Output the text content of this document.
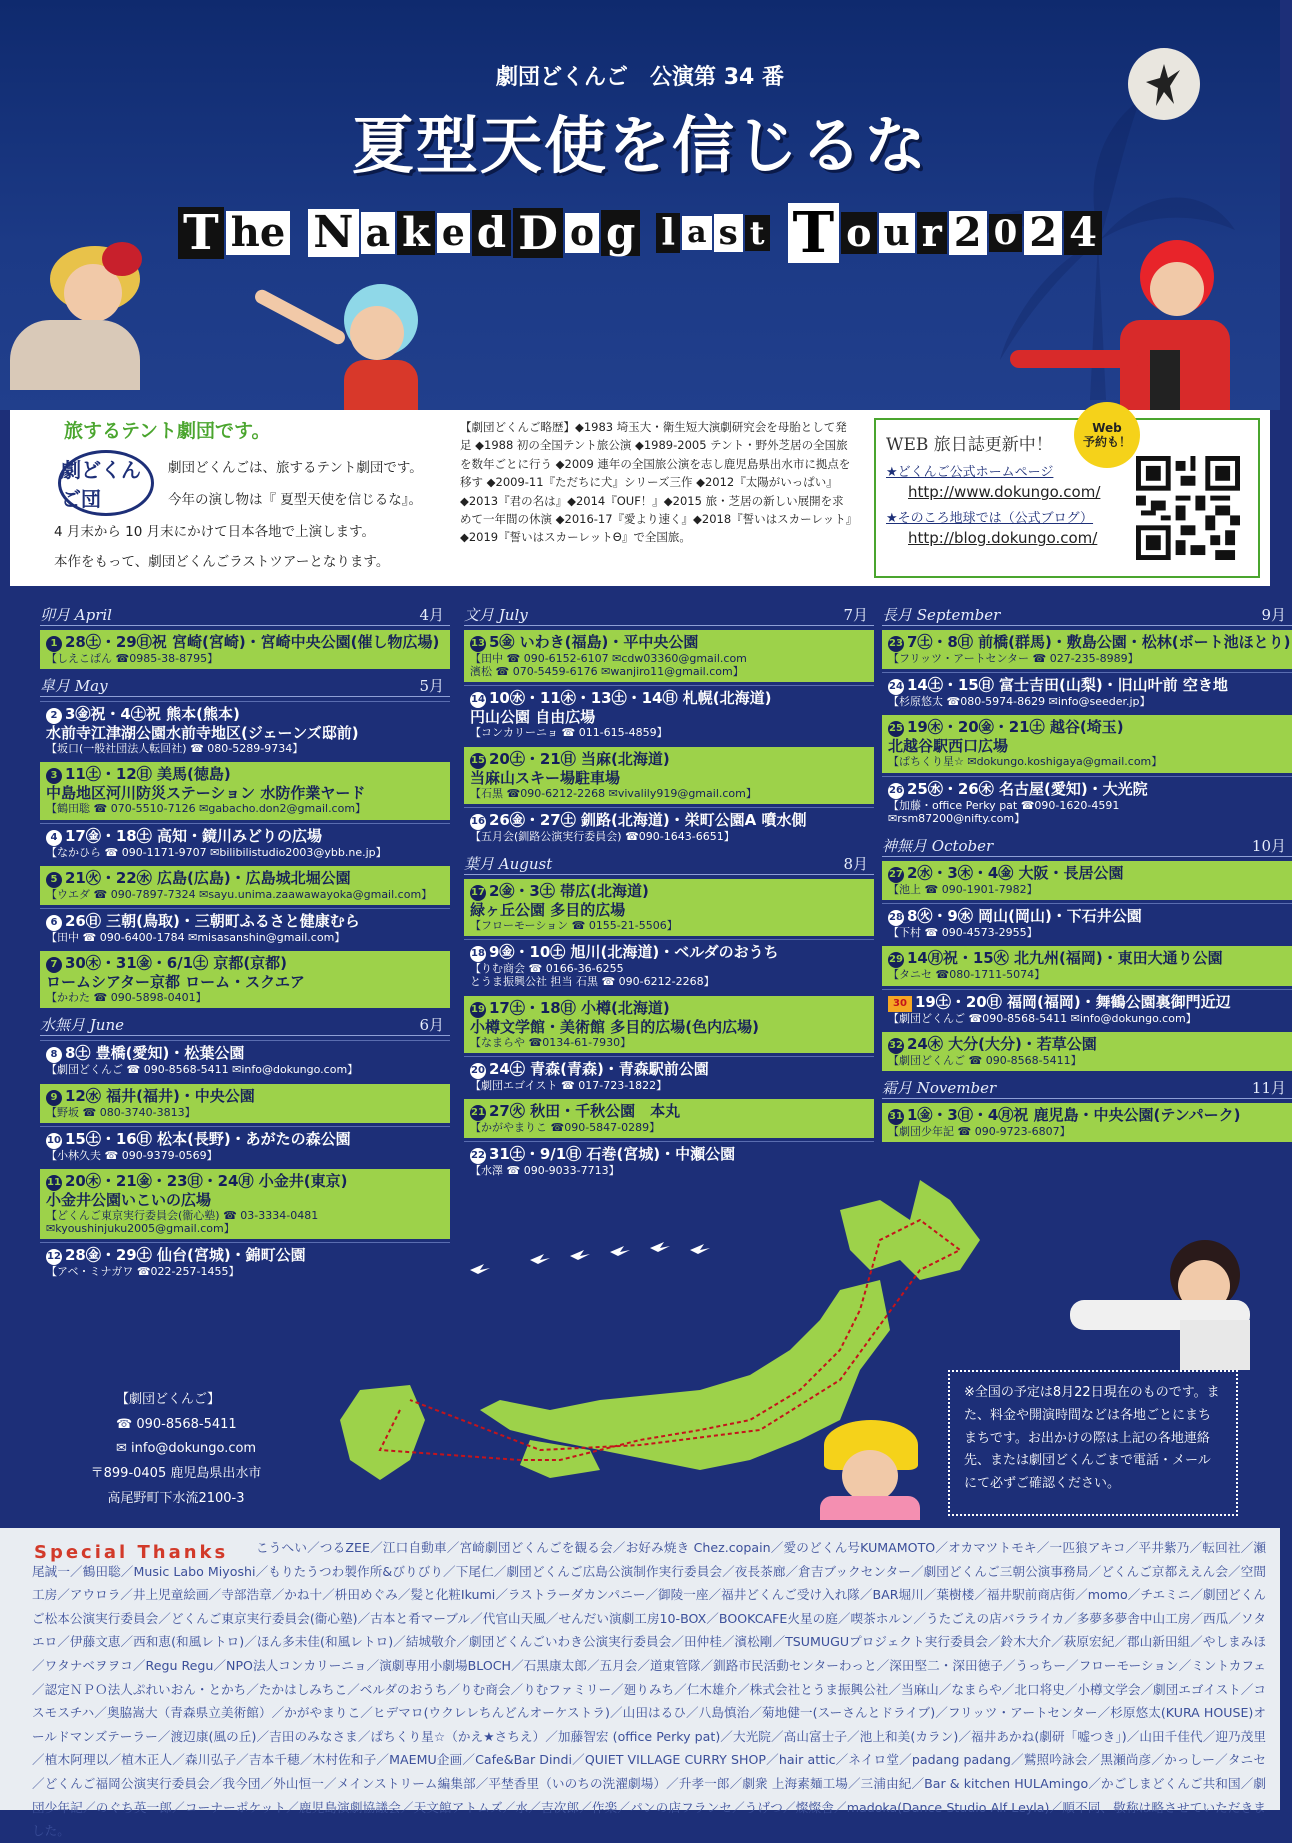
劇団どくんご　公演第 34 番
夏型天使を信じるな
T he N a k e d D o g l a s t T o u r 2 0 2 4
旅するテント劇団です。
劇どくんご団
劇団どくんごは、旅するテント劇団です。
今年の演し物は『 夏型天使を信じるな』。
4 月末から 10 月末にかけて日本各地で上演します。
本作をもって、劇団どくんごラストツアーとなります。
【劇団どくんご略歴】◆1983 埼玉大・衛生短大演劇研究会を母胎として発足 ◆1988 初の全国テント旅公演 ◆1989-2005 テント・野外芝居の全国旅を数年ごとに行う ◆2009 連年の全国旅公演を志し鹿児島県出水市に拠点を移す ◆2009-11『ただちに犬』シリーズ三作 ◆2012『太陽がいっぱい』◆2013『君の名は』◆2014『OUF！』◆2015 旅・芝居の新しい展開を求めて一年間の休演 ◆2016-17『愛より速く』◆2018『誓いはスカーレット』◆2019『誓いはスカーレットΘ』で全国旅。
WEB 旅日誌更新中！
★どくんご公式ホームページ
http://www.dokungo.com/
★そのころ地球では（公式ブログ）
http://blog.dokungo.com/
Web
予約も！
卯月 April	4月
1 28㊏・29㊐祝 宮崎(宮崎)・宮崎中央公園(催し物広場)
【しえこぱん ☎0985-38-8795】
皐月 May	5月
2 3㊎祝・4㊏祝 熊本(熊本)
水前寺江津湖公園水前寺地区(ジェーンズ邸前)
【坂口(一般社団法人転回社) ☎ 080-5289-9734】
3 11㊏・12㊐ 美馬(徳島)
中島地区河川防災ステーション 水防作業ヤード
【鶴田聡 ☎ 070-5510-7126 ✉gabacho.don2@gmail.com】
4 17㊎・18㊏ 高知・鏡川みどりの広場
【なかひら ☎ 090-1171-9707 ✉bilibilistudio2003@ybb.ne.jp】
5 21㊋・22㊌ 広島(広島)・広島城北堀公園
【ウエダ ☎ 090-7897-7324 ✉sayu.unima.zaawawayoka@gmail.com】
6 26㊐ 三朝(鳥取)・三朝町ふるさと健康むら
【田中 ☎ 090-6400-1784 ✉misasanshin@gmail.com】
7 30㊍・31㊎・6/1㊏ 京都(京都)
ロームシアター京都 ローム・スクエア
【かわた ☎ 090-5898-0401】
水無月 June	6月
8 8㊏ 豊橋(愛知)・松葉公園
【劇団どくんご ☎ 090-8568-5411 ✉info@dokungo.com】
9 12㊌ 福井(福井)・中央公園
【野坂 ☎ 080-3740-3813】
10 15㊏・16㊐ 松本(長野)・あがたの森公園
【小林久夫 ☎ 090-9379-0569】
11 20㊍・21㊎・23㊐・24㊊ 小金井(東京)
小金井公園いこいの広場
【どくんご東京実行委員会(衞心塾) ☎ 03-3334-0481
✉kyoushinjuku2005@gmail.com】
12 28㊎・29㊏ 仙台(宮城)・錦町公園
【アベ・ミナガワ ☎022-257-1455】
文月 July	7月
13 5㊎ いわき(福島)・平中央公園
【田中 ☎ 090-6152-6107 ✉cdw03360@gmail.com
濱松 ☎ 070-5459-6176 ✉wanjiro11@gmail.com】
14 10㊌・11㊍・13㊏・14㊐ 札幌(北海道)
円山公園 自由広場
【コンカリーニョ ☎ 011-615-4859】
15 20㊏・21㊐ 当麻(北海道)
当麻山スキー場駐車場
【石黒 ☎090-6212-2268 ✉vivalily919@gmail.com】
16 26㊎・27㊏ 釧路(北海道)・栄町公園A 噴水側
【五月会(釧路公演実行委員会) ☎090-1643-6651】
葉月 August	8月
17 2㊎・3㊏ 帯広(北海道)
緑ヶ丘公園 多目的広場
【フローモーション ☎ 0155-21-5506】
18 9㊎・10㊏ 旭川(北海道)・ベルダのおうち
【りむ商会 ☎ 0166-36-6255
とうま振興公社 担当 石黒 ☎ 090-6212-2268】
19 17㊏・18㊐ 小樽(北海道)
小樽文学館・美術館 多目的広場(色内広場)
【なまらや ☎0134-61-7930】
20 24㊏ 青森(青森)・青森駅前公園
【劇団エゴイスト ☎ 017-723-1822】
21 27㊋ 秋田・千秋公園　本丸
【かがやまりこ ☎090-5847-0289】
22 31㊏・9/1㊐ 石巻(宮城)・中瀬公園
【水澤 ☎ 090-9033-7713】
長月 September	9月
23 7㊏・8㊐ 前橋(群馬)・敷島公園・松林(ボート池ほとり)
【フリッツ・アートセンター ☎ 027-235-8989】
24 14㊏・15㊐ 富士吉田(山梨)・旧山叶前 空き地
【杉原悠太 ☎080-5974-8629 ✉info@seeder.jp】
25 19㊍・20㊎・21㊏ 越谷(埼玉)
北越谷駅西口広場
【ぱちくり星☆ ✉dokungo.koshigaya@gmail.com】
26 25㊌・26㊍ 名古屋(愛知)・大光院
【加藤・office Perky pat ☎090-1620-4591
✉rsm87200@nifty.com】
神無月 October	10月
27 2㊌・3㊍・4㊎ 大阪・長居公園
【池上 ☎ 090-1901-7982】
28 8㊋・9㊌ 岡山(岡山)・下石井公園
【下村 ☎ 090-4573-2955】
29 14㊊祝・15㊋ 北九州(福岡)・東田大通り公園
【タニセ ☎080-1711-5074】
30 19㊏・20㊐ 福岡(福岡)・舞鶴公園裏御門近辺
【劇団どくんご ☎090-8568-5411 ✉info@dokungo.com】
32 24㊍ 大分(大分)・若草公園
【劇団どくんご ☎ 090-8568-5411】
霜月 November	11月
31 1㊎・3㊐・4㊊祝 鹿児島・中央公園(テンパーク)
【劇団少年記 ☎ 090-9723-6807】
【劇団どくんご】
☎ 090-8568-5411
✉ info@dokungo.com
〒899-0405 鹿児島県出水市
高尾野町下水流2100-3
※全国の予定は8月22日現在のものです。また、料金や開演時間などは各地ごとにまちまちです。お出かけの際は上記の各地連絡先、または劇団どくんごまで電話・メールにて必ずご確認ください。
Special Thanks	こうへい／つるZEE／江口自動車／宮崎劇団どくんごを観る会／お好み焼き Chez.copain／愛のどくん号KUMAMOTO／オカマツトモキ／一匹狼アキコ／平井紫乃／転回社／瀬尾誠一／鶴田聡／Music Labo Miyoshi／もりたうつわ製作所&びりびり／下尾仁／劇団どくんご広島公演制作実行委員会／夜長茶廊／倉吉ブックセンター／劇団どくんご三朝公演事務局／どくんご京都ええん会／空間工房／アウロラ／井上児童絵画／寺部浩章／かね十／枡田めぐみ／髪と化粧Ikumi／ラストラーダカンパニー／御陵一座／福井どくんご受け入れ隊／BAR堀川／葉樹楼／福井駅前商店街／momo／チエミニ／劇団どくんご松本公演実行委員会／どくんご東京実行委員会(衞心塾)／古本と肴マーブル／代官山天風／せんだい演劇工房10-BOX／BOOKCAFE火星の庭／喫茶ホルン／うたごえの店バラライカ／多夢多夢舎中山工房／西瓜／ソタエロ／伊藤文恵／西和恵(和風レトロ)／ほん多未佳(和風レトロ)／結城敬介／劇団どくんごいわき公演実行委員会／田仲桂／濱松剛／TSUMUGUプロジェクト実行委員会／鈴木大介／萩原宏紀／郡山新田組／やしまみほ／ワタナベヲヲコ／Regu Regu／NPO法人コンカリーニョ／演劇専用小劇場BLOCH／石黒康太郎／五月会／道東管隊／釧路市民活動センターわっと／深田堅二・深田徳子／うっちー／フローモーション／ミントカフェ／認定ＮＰＯ法人ぷれいおん・とかち／たかはしみちこ／ベルダのおうち／りむ商会／りむファミリー／廻りみち／仁木雄介／株式会社とうま振興公社／当麻山／なまらや／北口将史／小樽文学会／劇団エゴイスト／コスモスチハ／奥脇嵩大（青森県立美術館）／かがやまりこ／ヒデマロ(ウクレレちんどんオーケストラ)／山田はるひ／八島慎治／菊地健一(スーさんとドライブ)／フリッツ・アートセンター／杉原悠太(KURA HOUSE)オールドマンズテーラー／渡辺康(風の丘)／吉田のみなさま／ぱちくり星☆（かえ★さちえ）／加藤智宏 (office Perky pat)／大光院／高山富士子／池上和美(カラン)／福井あかね(劇研「嘘つき」)／山田千佳代／迎乃茂里／植木阿理以／植木正人／森川弘子／吉本千穂／木村佐和子／MAEMU企画／Cafe&Bar Dindi／QUIET VILLAGE CURRY SHOP／hair attic／ネイロ堂／padang padang／鷲照吟詠会／黒瀬尚彦／かっしー／タニセ／どくんご福岡公演実行委員会／我今団／外山恒一／メインストリーム編集部／平埜香里（いのちの洗濯劇場）／升孝一郎／劇衆 上海素麺工場／三浦由紀／Bar & kitchen HULAmingo／かごしまどくんご共和国／劇団少年記／のぐち英一郎／コーナーポケット／鹿児島演劇協議会／天文館アトムズ／水／吉次郎／作楽／パンの店フランセ／うげつ／燦燦舎／madoka(Dance Studio Alf Leyla)／順不同、敬称は略させていただきました。
